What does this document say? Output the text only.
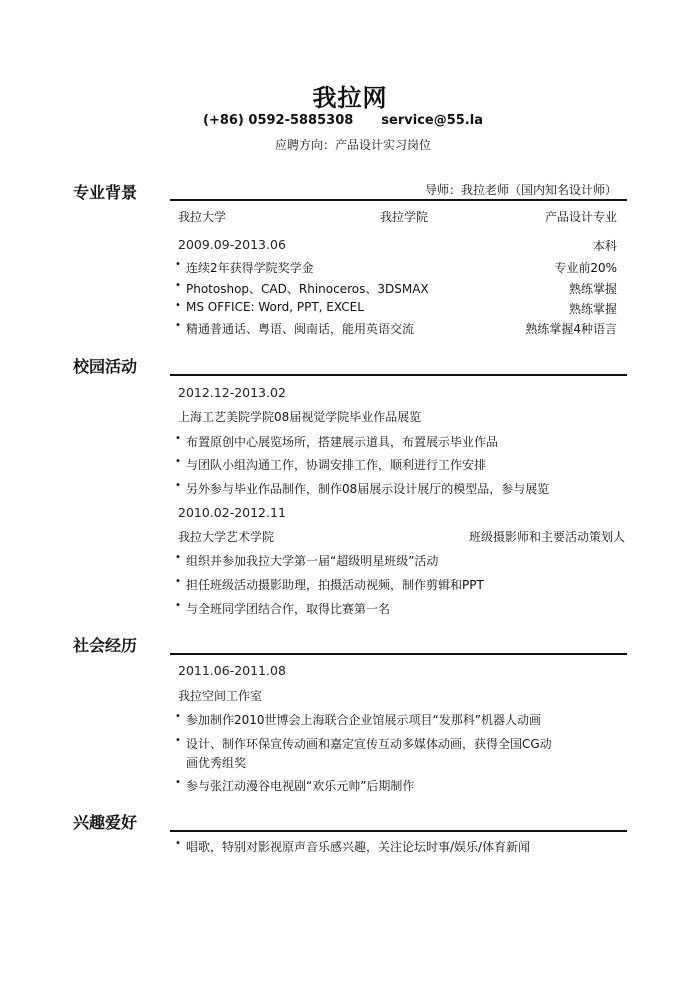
我拉网
(+86) 0592-5885308 service@55.la
应聘方向：产品设计实习岗位
专业背景	导师：我拉老师（国内知名设计师）
我拉大学	我拉学院	产品设计专业
2009.09-2013.06	本科
• 连续2年获得学院奖学金	专业前20%
• Photoshop、CAD、Rhinoceros、3DSMAX	熟练掌握
• MS OFFICE: Word, PPT, EXCEL	熟练掌握
• 精通普通话、粤语、闽南话，能用英语交流	熟练掌握4种语言
校园活动
2012.12-2013.02
上海工艺美院学院08届视觉学院毕业作品展览
• 布置原创中心展览场所，搭建展示道具，布置展示毕业作品
• 与团队小组沟通工作，协调安排工作，顺利进行工作安排
• 另外参与毕业作品制作，制作08届展示设计展厅的模型品，参与展览
2010.02-2012.11
我拉大学艺术学院	班级摄影师和主要活动策划人
• 组织并参加我拉大学第一届“超级明星班级”活动
• 担任班级活动摄影助理，拍摄活动视频，制作剪辑和PPT
• 与全班同学团结合作，取得比赛第一名
社会经历
2011.06-2011.08
我拉空间工作室
• 参加制作2010世博会上海联合企业馆展示项目“发那科”机器人动画
• 设计、制作环保宣传动画和嘉定宣传互动多媒体动画，获得全国CG动
画优秀组奖
• 参与张江动漫谷电视剧“欢乐元帅”后期制作
兴趣爱好
• 唱歌，特别对影视原声音乐感兴趣，关注论坛时事/娱乐/体育新闻
